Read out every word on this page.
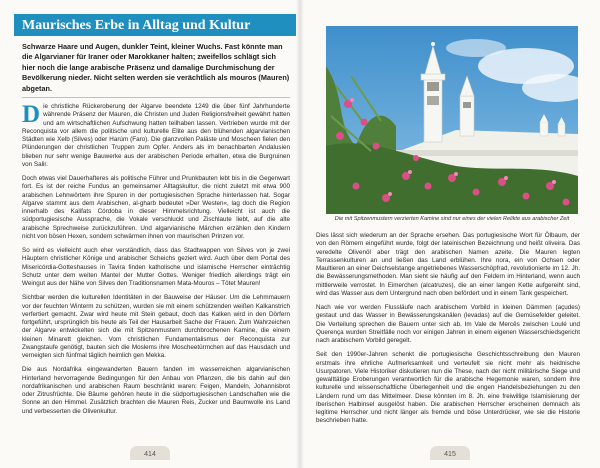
Maurisches Erbe in Alltag und Kultur

Schwarze Haare und Augen, dunkler Teint, kleiner Wuchs. Fast könnte man die Algarvianer für Iraner oder Marokkaner halten; zweifellos schlägt sich hier noch die lange arabische Präsenz und damalige Durchmischung der Bevölkerung nieder. Nicht selten werden sie verächtlich als mouros (Mauren) abgetan.

Die christliche Rückeroberung der Algarve beendete 1249 die über fünf Jahrhunderte währende Präsenz der Mauren, die Christen und Juden Religionsfreiheit gewährt hatten und am wirtschaftlichen Aufschwung hatten teilhaben lassen. Vertrieben wurde mit der Reconquista vor allem die politische und kulturelle Elite aus den blühenden algarvianischen Städten wie Xelb (Silves) oder Harúm (Faro). Die glanzvollen Paläste und Moscheen fielen den Plünderungen der christlichen Truppen zum Opfer. Anders als im benachbarten Andalusien blieben nur sehr wenige Bauwerke aus der arabischen Periode erhalten, etwa die Burgruinen von Salir.

Doch etwas viel Dauerhafteres als politische Führer und Prunkbauten lebt bis in die Gegenwart fort. Es ist der reiche Fundus an gemeinsamer Alltagskultur, die nicht zuletzt mit etwa 900 arabischen Lehnwörtern ihre Spuren in der portugiesischen Sprache hinterlassen hat. Sogar Algarve stammt aus dem Arabischen, al-gharb bedeutet »Der Westen«, lag doch die Region innerhalb des Kalifats Córdoba in dieser Himmelsrichtung. Vielleicht ist auch die südportugiesische Aussprache, die Vokale verschluckt und Zischlaute liebt, auf die alte arabische Sprechweise zurückzuführen. Und algarvianische Märchen erzählen den Kindern nicht von bösen Hexen, sondern schwärmen ihnen von maurischen Prinzen vor.

So wird es vielleicht auch eher verständlich, dass das Stadtwappen von Silves von je zwei Häuptern christlicher Könige und arabischer Scheichs geziert wird. Auch über dem Portal des Misericórdia-Gotteshauses in Tavira finden katholische und islamische Herrscher einträchtig Schutz unter dem weiten Mantel der Mutter Gottes. Weniger friedlich allerdings trägt ein Weingut aus der Nähe von Silves den Traditionsnamen Mata-Mouros – Tötet Mauren!

Sichtbar werden die kulturellen Identitäten in der Bauweise der Häuser. Um die Lehmmauern vor der feuchten Winterm zu schützen, wurden sie mit einem schützenden weißen Kalkanstrich verfertiert gemacht. Zwar wird heute mit Stein gebaut, doch das Kalken wird in den Dörfern fortgeführt, ursprünglich bis heute als Teil der Hausarbeit Sache der Frauen. Zum Wahrzeichen der Algarve entwickelten sich die mit Spitzenmustern durchbrochenen Kamine, die einem kleinen Minarett gleichen. Vom christlichen Fundamentalismus der Reconquista zur Zwangstaufe genötigt, bauten sich die Moslems ihre Moscheetürmchen auf das Hausdach und verneigten sich fünfmal täglich heimlich gen Mekka.

Die aus Nordafrika eingewanderten Bauern fanden im wasserreichen algarvianischen Hinterland hervorragende Bedingungen für den Anbau von Pflanzen, die bis dahin auf den nordafrikanischen und arabischen Raum beschränkt waren: Feigen, Mandeln, Johannisbrot oder Zitrusfrüchte. Die Bäume gehören heute in die südportugiesischen Landschaften wie die Sonne an den Himmel. Zusätzlich brachten die Mauren Reis, Zucker und Baumwolle ins Land und verbesserten die Olivenkultur.

414

Die mit Spitzenmustern verzierten Kamine sind nur eines der vielen Relikte aus arabischer Zeit

Dies lässt sich wiederum an der Sprache ersehen. Das portugiesische Wort für Ölbaum, der von den Römern eingeführt wurde, folgt der lateinischen Bezeichnung und heißt oliveira. Das veredelte Olivenöl aber trägt den arabischen Namen azeite. Die Mauren legten Terrassenkulturen an und ließen das Land erblühen. Ihre nora, ein von Ochsen oder Maultieren an einer Deichselstange angetriebenes Wasserschöpfrad, revolutionierte im 12. Jh. die Bewässerungsmethoden. Man sieht sie häufig auf den Feldern im Hinterland, wenn auch mittlerweile verrostet. In Eimerchen (alcatruzes), die an einer langen Kette aufgereiht sind, wird das Wasser aus dem Untergrund nach oben befördert und in einem Tank gespeichert.

Nach wie vor werden Flussläufe nach arabischem Vorbild in kleinen Dämmen (açudes) gestaut und das Wasser in Bewässerungskanälen (levadas) auf die Gemüsefelder geleitet. Die Verteilung sprechen die Bauern unter sich ab. Im Vale de Mercês zwischen Loulé und Querença wurden Streitfälle noch vor einigen Jahren in einem eigenen Wasserschiedsgericht nach arabischem Vorbild geregelt.

Seit den 1990er-Jahren schenkt die portugiesische Geschichtsschreibung den Mauren erstmals ihre ehrliche Aufmerksamkeit und verteufelt sie nicht mehr als heidnische Usurpatoren. Viele Historiker diskutieren nun die These, nach der nicht militärische Siege und gewalttätige Eroberungen verantwortlich für die arabische Hegemonie waren, sondern ihre kulturelle und wissenschaftliche Überlegenheit und die engen Handelsbeziehungen zu den Ländern rund um das Mittelmeer. Diese könnten im 8. Jh. eine freiwillige Islamisierung der Iberischen Halbinsel ausgelöst haben. Die arabischen Herrscher erscheinen demnach als legitime Herrscher und nicht länger als fremde und böse Unterdrücker, wie sie die Historie beschrieben hatte.

415
